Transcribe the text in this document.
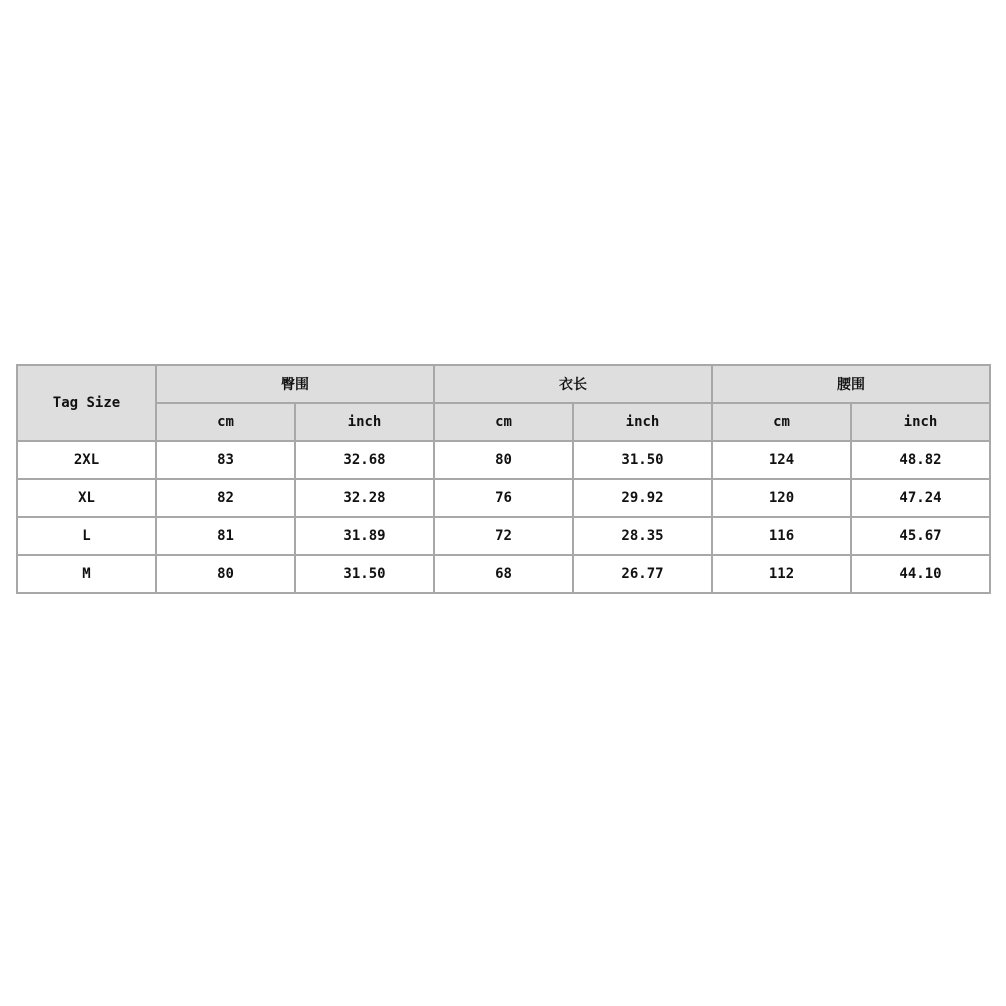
Tag Size	臀围		衣长		腰围	
	cm	inch	cm	inch	cm	inch
2XL	83	32.68	80	31.50	124	48.82
XL	82	32.28	76	29.92	120	47.24
L	81	31.89	72	28.35	116	45.67
M	80	31.50	68	26.77	112	44.10
